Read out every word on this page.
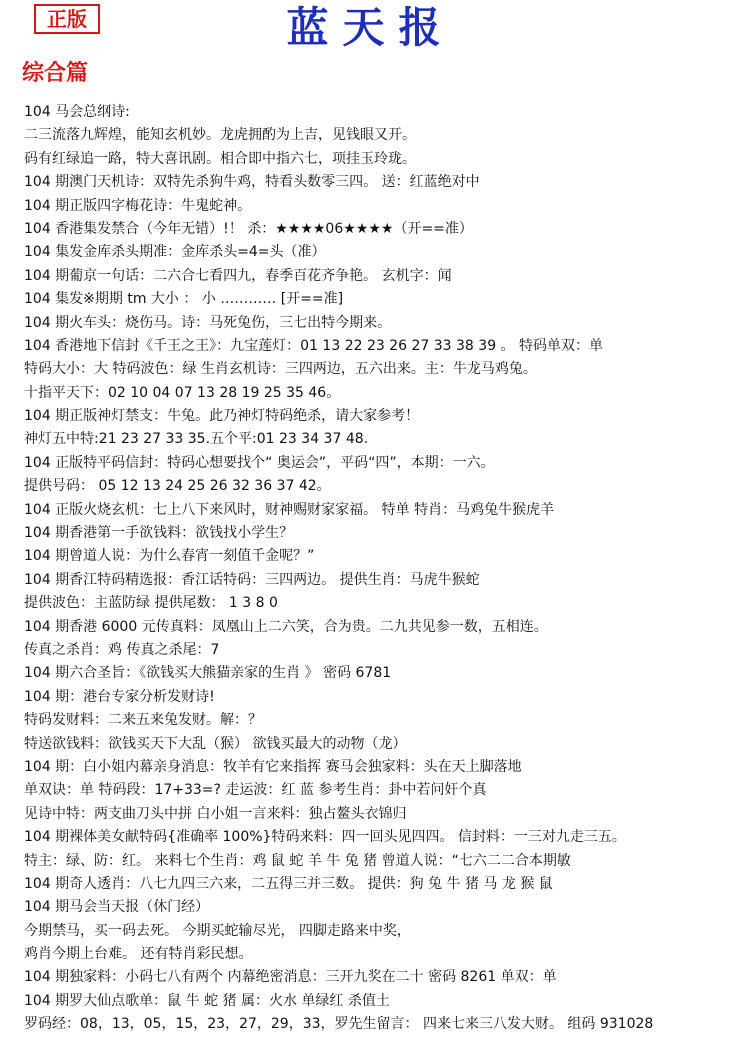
正版	蓝天报
综合篇
104 马会总纲诗:
二三流落九辉煌，能知玄机妙。龙虎拥酌为上吉，见钱眼又开。
码有红绿追一路，特大喜讯剧。相合即中指六七，项挂玉玲珑。
104 期澳门天机诗：双特先杀狗牛鸡，特看头数零三四。 送：红蓝绝对中
104 期正版四字梅花诗：牛鬼蛇神。
104 香港集发禁合（今年无错）!！ 杀：★★★★06★★★★（开==准）
104 集发金库杀头期准：金库杀头=4=头（准）
104 期葡京一句话：二六合七看四九，春季百花齐争艳。 玄机字：闻
104 集发※期期 tm 大小 ： 小 ………… [开==准]
104 期火车头：烧伤马。诗：马死兔伤，三七出特今期来。
104 香港地下信封《千王之王》：九宝莲灯：01 13 22 23 26 27 33 38 39 。 特码单双：单
特码大小：大 特码波色：绿 生肖玄机诗：三四两边，五六出来。主：牛龙马鸡兔。
十指平天下：02 10 04 07 13 28 19 25 35 46。
104 期正版神灯禁支：牛兔。此乃神灯特码绝杀，请大家参考！
神灯五中特:21 23 27 33 35.五个平:01 23 34 37 48.
104 正版特平码信封：特码心想要找个“ 奥运会”，平码“四”，本期：一六。
提供号码： 05 12 13 24 25 26 32 36 37 42。
104 正版火烧玄机：七上八下来风时，财神赐财家家福。 特单 特肖：马鸡兔牛猴虎羊
104 期香港第一手欲钱料：欲钱找小学生？
104 期曾道人说：为什么春宵一刻值千金呢？”
104 期香江特码精选报：香江话特码：三四两边。 提供生肖：马虎牛猴蛇
提供波色：主蓝防绿 提供尾数： 1 3 8 0
104 期香港 6000 元传真料：凤凰山上二六笑，合为贵。二九共见参一数，五相连。
传真之杀肖：鸡 传真之杀尾：7
104 期六合圣旨：《欲钱买大熊猫亲家的生肖 》 密码 6781
104 期：港台专家分析发财诗!
特码发财料：二来五来兔发财。解：？
特送欲钱料：欲钱买天下大乱（猴） 欲钱买最大的动物（龙）
104 期：白小姐内幕亲身消息：牧羊有它来指挥 赛马会独家料：头在天上脚落地
单双诀：单 特码段：17+33=? 走运波：红 蓝 参考生肖：卦中若问奸个真
见诗中特：两支曲刀头中拼 白小姐一言来料：独占鳌头衣锦归
104 期裸体美女献特码{准确率 100%}特码来料：四一回头见四四。 信封料：一三对九走三五。
特主：绿、防：红。 来料七个生肖：鸡 鼠 蛇 羊 牛 兔 猪 曾道人说：“七六二二合本期敏
104 期奇人透肖：八七九四三六来，二五得三并三数。 提供：狗 兔 牛 猪 马 龙 猴 鼠
104 期马会当天报（休门经）
今期禁马，买一码去死。 今期买蛇输尽光， 四脚走路来中奖，
鸡肖今期上台难。 还有特肖彩民想。
104 期独家料：小码七八有两个 内幕绝密消息：三开九奖在二十 密码 8261 单双：单
104 期罗大仙点歌单：鼠 牛 蛇 猪 属：火水 单绿红 杀值土
罗码经：08，13，05，15，23，27，29，33，罗先生留言： 四来七来三八发大财。 组码 931028
